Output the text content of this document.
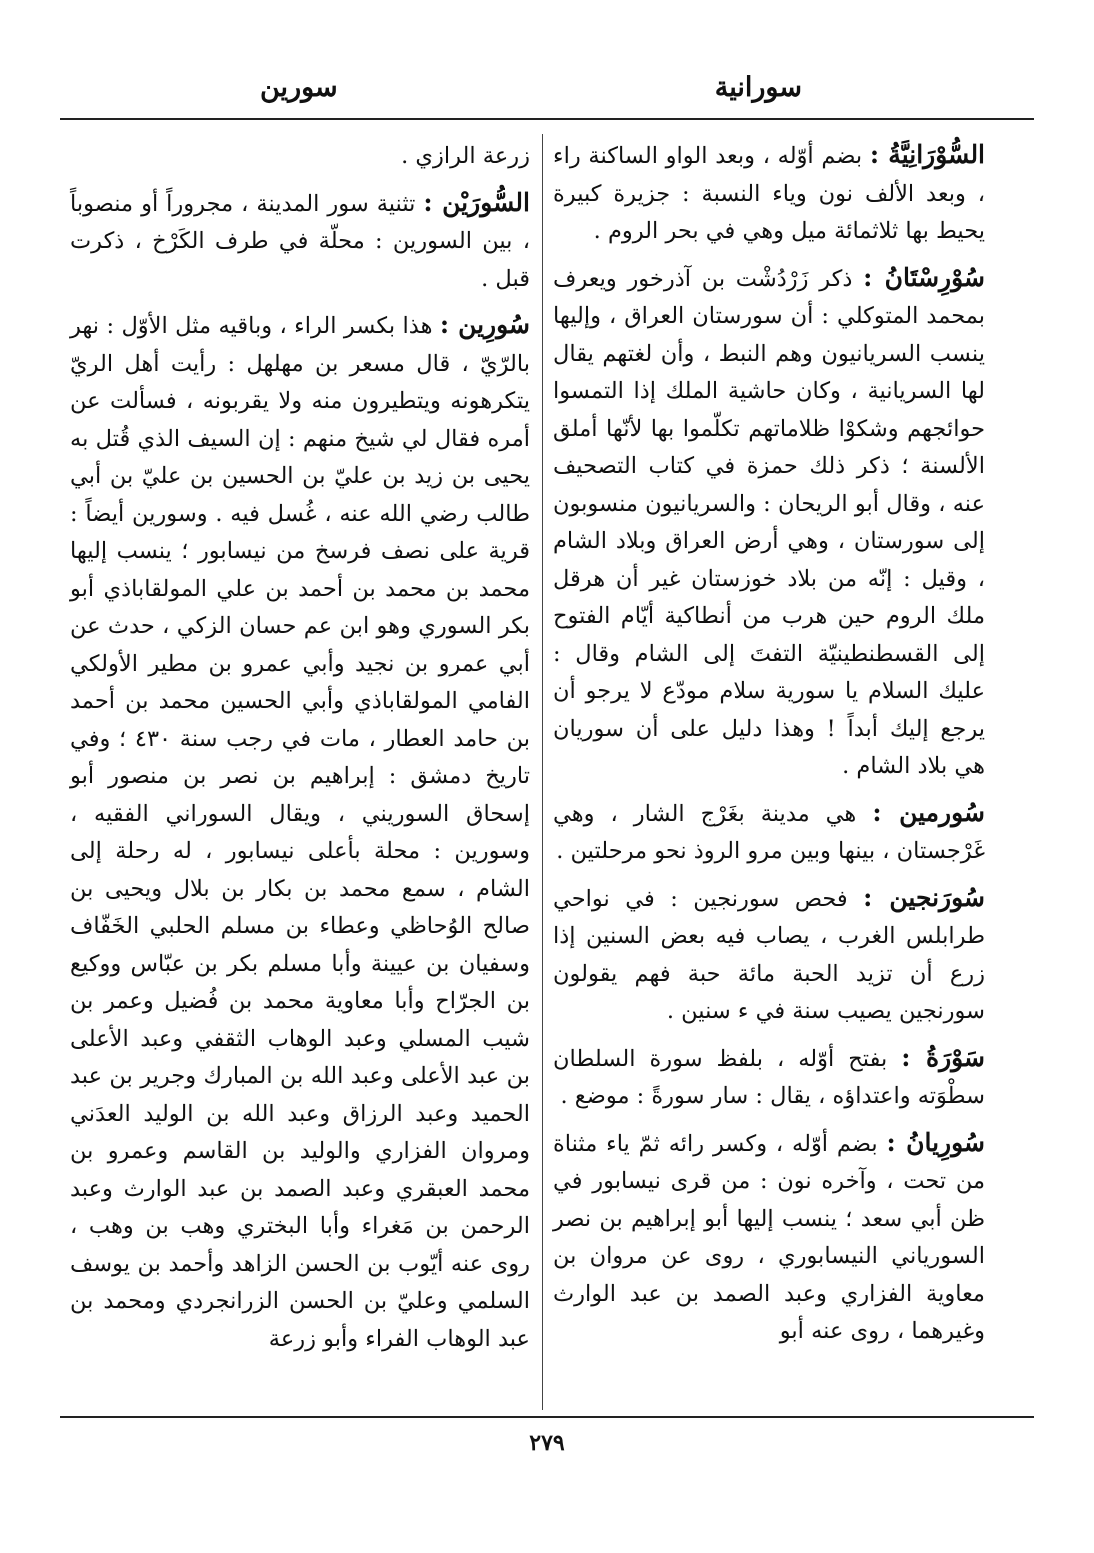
سورانية
سورين

السُّوْرَانِيَّةُ : بضم أوّله ، وبعد الواو الساكنة راء ، وبعد الألف نون وياء النسبة : جزيرة كبيرة يحيط بها ثلاثمائة ميل وهي في بحر الروم .

سُوْرِسْتَانُ : ذكر زَرْدُشْت بن آذرخور ويعرف بمحمد المتوكلي : أن سورستان العراق ، وإليها ينسب السريانيون وهم النبط ، وأن لغتهم يقال لها السريانية ، وكان حاشية الملك إذا التمسوا حوائجهم وشكوْا ظلاماتهم تكلّموا بها لأنّها أملق الألسنة ؛ ذكر ذلك حمزة في كتاب التصحيف عنه ، وقال أبو الريحان : والسريانيون منسوبون إلى سورستان ، وهي أرض العراق وبلاد الشام ، وقيل : إنّه من بلاد خوزستان غير أن هرقل ملك الروم حين هرب من أنطاكية أيّام الفتوح إلى القسطنطينيّة التفتَ إلى الشام وقال : عليك السلام يا سورية سلام مودّع لا يرجو أن يرجع إليك أبداً ! وهذا دليل على أن سوريان هي بلاد الشام .

سُورمين : هي مدينة بغَرْج الشار ، وهي غَرْجستان ، بينها وبين مرو الروذ نحو مرحلتين .

سُورَنجين : فحص سورنجين : في نواحي طرابلس الغرب ، يصاب فيه بعض السنين إذا زرع أن تزيد الحبة مائة حبة فهم يقولون سورنجين يصيب سنة في ء سنين .

سَوْرَةُ : بفتح أوّله ، بلفظ سورة السلطان سطْوَته واعتداؤه ، يقال : سار سورةً : موضع .

سُورِيانُ : بضم أوّله ، وكسر رائه ثمّ ياء مثناة من تحت ، وآخره نون : من قرى نيسابور في ظن أبي سعد ؛ ينسب إليها أبو إبراهيم بن نصر السورياني النيسابوري ، روى عن مروان بن معاوية الفزاري وعبد الصمد بن عبد الوارث وغيرهما ، روى عنه أبو

زرعة الرازي .

السُّورَيْن : تثنية سور المدينة ، مجروراً أو منصوباً ، بين السورين : محلّة في طرف الكَرْخ ، ذكرت قبل .

سُورِين : هذا بكسر الراء ، وباقيه مثل الأوّل : نهر بالرّيّ ، قال مسعر بن مهلهل : رأيت أهل الريّ يتكرهونه ويتطيرون منه ولا يقربونه ، فسألت عن أمره فقال لي شيخ منهم : إن السيف الذي قُتل به يحيى بن زيد بن عليّ بن الحسين بن عليّ بن أبي طالب رضي الله عنه ، غُسل فيه . وسورين أيضاً : قرية على نصف فرسخ من نيسابور ؛ ينسب إليها محمد بن محمد بن أحمد بن علي المولقاباذي أبو بكر السوري وهو ابن عم حسان الزكي ، حدث عن أبي عمرو بن نجيد وأبي عمرو بن مطير الأولكي الفامي المولقاباذي وأبي الحسين محمد بن أحمد بن حامد العطار ، مات في رجب سنة ٤٣٠ ؛ وفي تاريخ دمشق : إبراهيم بن نصر بن منصور أبو إسحاق السوريني ، ويقال السوراني الفقيه ، وسورين : محلة بأعلى نيسابور ، له رحلة إلى الشام ، سمع محمد بن بكار بن بلال ويحيى بن صالح الوُحاظي وعطاء بن مسلم الحلبي الخَفّاف وسفيان بن عيينة وأبا مسلم بكر بن عبّاس ووكيع بن الجرّاح وأبا معاوية محمد بن فُضيل وعمر بن شيب المسلي وعبد الوهاب الثقفي وعبد الأعلى بن عبد الأعلى وعبد الله بن المبارك وجرير بن عبد الحميد وعبد الرزاق وعبد الله بن الوليد العدَني ومروان الفزاري والوليد بن القاسم وعمرو بن محمد العبقري وعبد الصمد بن عبد الوارث وعبد الرحمن بن مَغراء وأبا البختري وهب بن وهب ، روى عنه أيّوب بن الحسن الزاهد وأحمد بن يوسف السلمي وعليّ بن الحسن الزرانجردي ومحمد بن عبد الوهاب الفراء وأبو زرعة

٢٧٩
